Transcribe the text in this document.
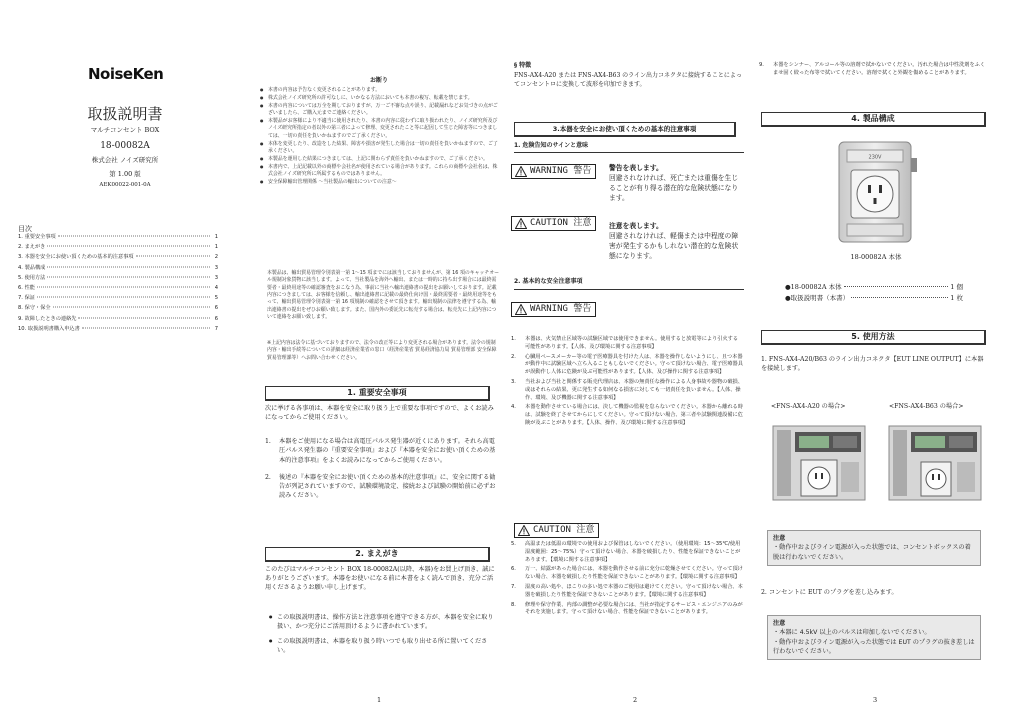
NoiseKen
取扱説明書
マルチコンセント BOX
18-00082A
株式会社 ノイズ研究所
第 1.00 版
AEK00022-001-0A
目次
1. 重要安全事項	1
2. まえがき	1
3. 本器を安全にお使い頂くための基本的注意事項	2
4. 製品構成	3
5. 使用方法	3
6. 性能	4
7. 保証	5
8. 保守・保全	6
9. 故障したときの連絡先	6
10. 取扱説明書購入申込書	7
お断り
● 本書の内容は予告なく変更されることがあります。
● 株式会社ノイズ研究所の許可なしに、いかなる方法においても本書の複写、転載を禁じます。
● 本書の内容については万全を期しておりますが、万一ご不審な点や誤り、記載漏れなどお気づきの点がございましたら、ご購入元までご連絡ください。
● 本製品がお客様により不適当に使用されたり、本書の内容に従わずに取り扱われたり、ノイズ研究所及びノイズ研究所指定の者以外の第三者によって修理、変更されたこと等に起因して生じた障害等につきましては、一切の責任を負いかねますのでご了承ください。
● 本体を変更したり、改造をした結果、障害や損害が発生した場合は一切の責任を負いかねますので、ご了承ください。
● 本製品を運用した結果につきましては、上記に関わらず責任を負いかねますので、ご了承ください。
● 本書内で、上記記載以外の商標や会社名が使用されている場合があります。これらの商標や会社名は、株式会社ノイズ研究所に所属するものではありません。
● 安全保障輸出管理関係 〜当社製品の輸出についての注意〜
本製品は、輸出貿易管理令別表第一第 1〜15 項までには該当しておりませんが、第 16 項のキャッチオール規制対象貨物に該当します。よって、当社製品を海外へ輸出、または一時的に持ち出す場合には最終需要者・最終用途等の確認審査をおこなう為、事前に当社へ輸出連絡書の提出をお願いしております。記載内容につきましては、お客様を信頼し、輸出連絡書に記載の最終仕向け国・最終需要者・最終用途等をもって、輸出貿易管理令別表第一第 16 項規制の確認をさせて頂きます。輸出規制の法律を遵守する為、輸出連絡書の提出をぜひお願い致します。また、国内外の委託先に転売する場合は、転売先に上記内容について連絡をお願い致します。
※上記内容は法令に基づいておりますので、法令の改正等により変更される場合があります。法令の規制内容・輸出手続等についての詳細は経済産業省の窓口（経済産業省 貿易経済協力局 貿易管理部 安全保障貿易管理課等）へお問い合わせください。
1. 重要安全事項
次に挙げる各事項は、本器を安全に取り扱う上で重要な事項ですので、よくお読みになってからご使用ください。
1.	本器をご使用になる場合は高電圧パルス発生器が近くにあります。それら高電圧パルス発生器の『重要安全事項』および『本器を安全にお使い頂くための基本的注意事項』をよくお読みになってからご使用ください。
2.	後述の『本器を安全にお使い頂くための基本的注意事項』に、安全に関する勧告が列記されていますので、試験環境設定、接続および試験の開始前に必ずお読みください。
2. まえがき
このたびはマルチコンセント BOX 18-00082A(以降、本器)をお買上げ頂き、誠にありがとうございます。本器をお使いになる前に本書をよく読んで頂き、充分ご活用くださるようお願い申し上げます。
● この取扱説明書は、操作方法と注意事項を遵守できる方が、本器を安全に取り扱い、かつ充分にご活用頂けるように書かれています。
● この取扱説明書は、本器を取り扱う時いつでも取り出せる所に置いてください。
1
§ 特徴
FNS-AX4-A20 または FNS-AX4-B63 のライン出力コネクタに接続することによってコンセントロに変換して波形を印加できます。
3.本器を安全にお使い頂くための基本的注意事項
1. 危険告知のサインと意味
WARNING 警告	警告を表します。
回避されなければ、死亡または重傷を生じることが有り得る潜在的な危険状態になります。
CAUTION 注意	注意を表します。
回避されなければ、軽傷または中程度の障害が発生するかもしれない潜在的な危険状態になります。
2. 基本的な安全注意事項
WARNING 警告
1.	本器は、火気禁止区域等の試験区域では使用できません。使用すると放電等により引火する可能性があります。【人体、及び環境に関する注意事項】
2.	心臓用ペースメーカー等の電子医療器具を付けた人は、本器を操作しないようにし、且つ本器が動作中に試験区域へ立ち入ることもしないでください。守って頂けない場合、電子医療器具が誤動作し人体に危険が及ぶ可能性があります。【人体、及び操作に関する注意事項】
3.	当社および当社と関係する販売代理店は、本器の無責任な操作による人身事故や器物の破損、或はそれらの結果、更に発生する如何なる損害に対しても一切責任を負いません。【人体、操作、環境、及び機器に関する注意事項】
4.	本器を動作させている場合には、決して機器の監視を怠らないでください。本器から離れる時は、試験を終了させてからにしてください。守って頂けない場合、第三者や試験関連設備に危険が及ぶことがあります。【人体、操作、及び環境に関する注意事項】
CAUTION 注意
5.	高温または低温の環境での使用および保管はしないでください。（使用環境：15〜35℃/使用湿度範囲：25〜75%）守って頂けない場合、本器を破損したり、性能を保証できないことがあります。【環境に関する注意事項】
6.	万一、結露があった場合には、本器を動作させる前に充分に乾燥させてください。守って頂けない場合、本器を破損したり性能を保証できないことがあります。【環境に関する注意事項】
7.	湿度の高い処や、ほこりの多い処で本器のご使用は避けてください。守って頂けない場合、本器を破損したり性能を保証できないことがあります。【環境に関する注意事項】
8.	修理や保守作業、内部の調整が必要な場合には、当社が指定するサービス・エンジニアのみがそれを実施します。守って頂けない場合、性能を保証できないことがあります。
2
9.	本器をシンナー、アルコール等の溶剤で拭かないでください。汚れた場合は中性洗剤をふくませ固く絞った布等で拭いてください。溶剤で拭くと外観を傷めることがあります。
4. 製品構成
230V
18-00082A 本体
● 18-00082A 本体	1 個
● 取扱説明書（本書）	1 枚
5. 使用方法
1. FNS-AX4-A20/B63 のライン出力コネクタ【EUT LINE OUTPUT】に本器を接続します。
<FNS-AX4-A20 の場合>	<FNS-AX4-B63 の場合>
注意
・動作中およびライン電源が入った状態では、コンセントボックスの着脱は行わないでください。
2. コンセントに EUT のプラグを差し込みます。
注意
・本器に 4.5kV 以上のパルスは印加しないでください。
・動作中およびライン電源が入った状態では EUT のプラグの抜き差しは行わないでください。
3
